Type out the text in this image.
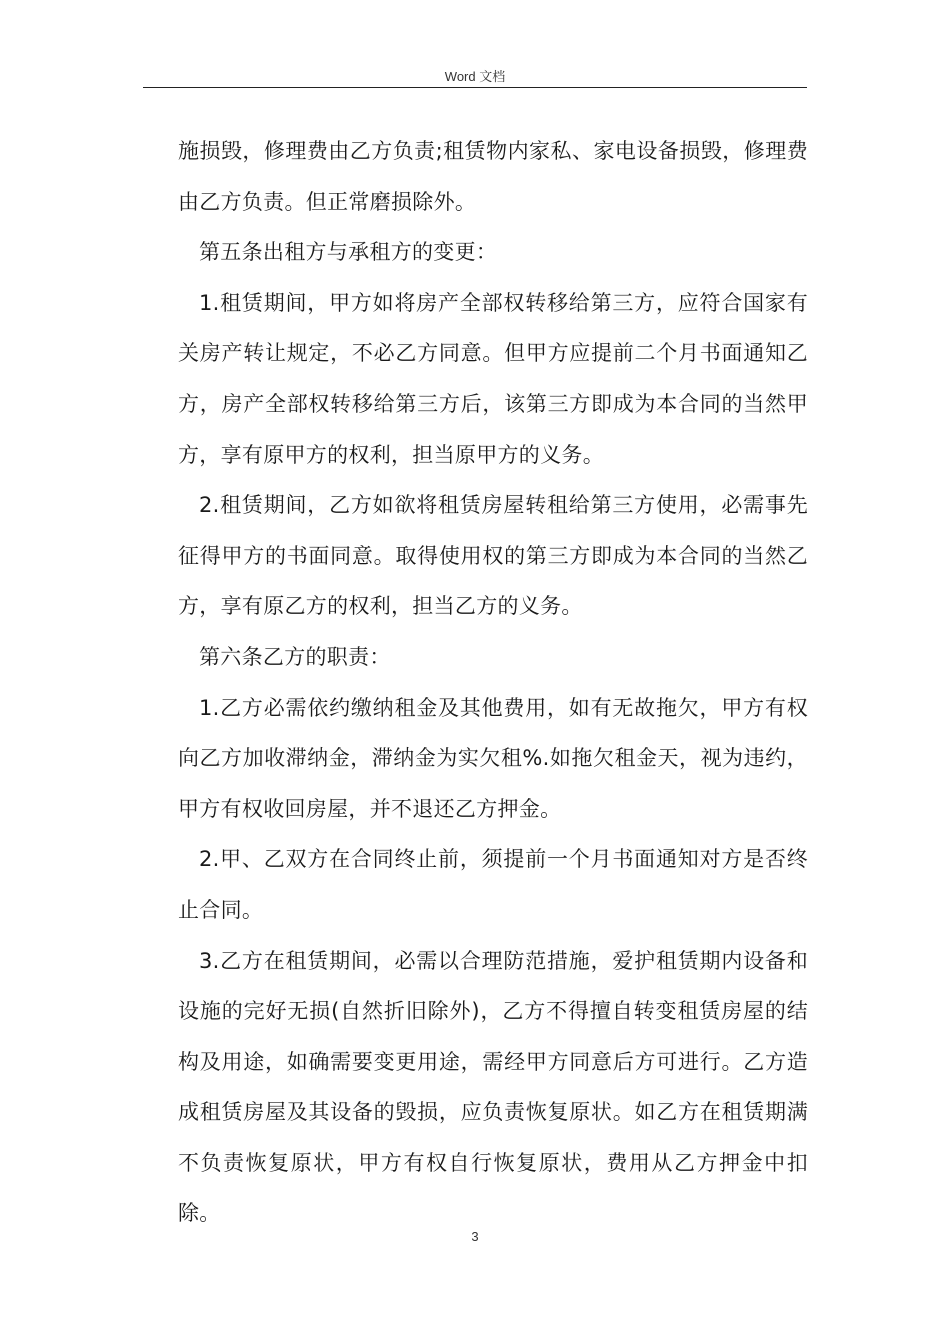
Word 文档

施损毁，修理费由乙方负责;租赁物内家私、家电设备损毁，修理费由乙方负责。但正常磨损除外。

第五条出租方与承租方的变更：

1.租赁期间，甲方如将房产全部权转移给第三方，应符合国家有关房产转让规定，不必乙方同意。但甲方应提前二个月书面通知乙方，房产全部权转移给第三方后，该第三方即成为本合同的当然甲方，享有原甲方的权利，担当原甲方的义务。

2.租赁期间，乙方如欲将租赁房屋转租给第三方使用，必需事先征得甲方的书面同意。取得使用权的第三方即成为本合同的当然乙方，享有原乙方的权利，担当乙方的义务。

第六条乙方的职责：

1.乙方必需依约缴纳租金及其他费用，如有无故拖欠，甲方有权向乙方加收滞纳金，滞纳金为实欠租%.如拖欠租金天，视为违约，甲方有权收回房屋，并不退还乙方押金。

2.甲、乙双方在合同终止前，须提前一个月书面通知对方是否终止合同。

3.乙方在租赁期间，必需以合理防范措施，爱护租赁期内设备和设施的完好无损(自然折旧除外)，乙方不得擅自转变租赁房屋的结构及用途，如确需要变更用途，需经甲方同意后方可进行。乙方造成租赁房屋及其设备的毁损，应负责恢复原状。如乙方在租赁期满不负责恢复原状，甲方有权自行恢复原状，费用从乙方押金中扣除。

3
